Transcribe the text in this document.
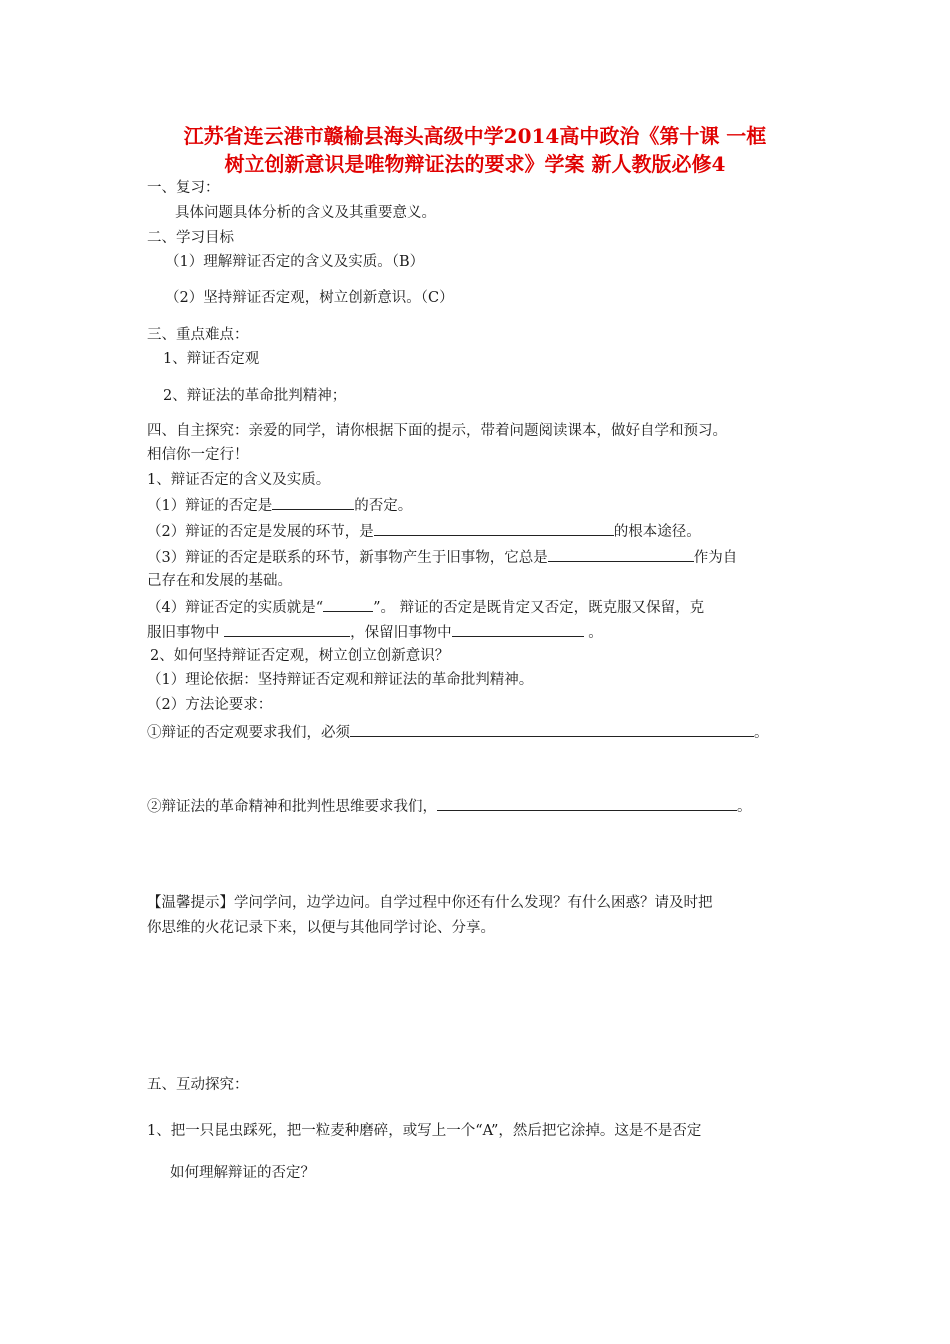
江苏省连云港市赣榆县海头高级中学2014高中政治《第十课 一框
树立创新意识是唯物辩证法的要求》学案 新人教版必修4
一、复习：
具体问题具体分析的含义及其重要意义。
二、学习目标
（1）理解辩证否定的含义及实质。（B）
（2）坚持辩证否定观，树立创新意识。（C）
三、重点难点：
1、辩证否定观
2、辩证法的革命批判精神；
四、自主探究：亲爱的同学，请你根据下面的提示，带着问题阅读课本，做好自学和预习。
相信你一定行！
1、辩证否定的含义及实质。
（1）辩证的否定是	的否定。
（2）辩证的否定是发展的环节，是	的根本途径。
（3）辩证的否定是联系的环节，新事物产生于旧事物，它总是	作为自
己存在和发展的基础。
（4）辩证否定的实质就是“	”。 辩证的否定是既肯定又否定，既克服又保留，克
服旧事物中	，保留旧事物中	。
2、如何坚持辩证否定观，树立创立创新意识？
（1）理论依据：坚持辩证否定观和辩证法的革命批判精神。
（2）方法论要求：
①辩证的否定观要求我们，必须	。
②辩证法的革命精神和批判性思维要求我们，	。
【温馨提示】学问学问，边学边问。自学过程中你还有什么发现？有什么困惑？请及时把
你思维的火花记录下来，以便与其他同学讨论、分享。
五、互动探究：
1、把一只昆虫踩死，把一粒麦种磨碎，或写上一个“A”，然后把它涂掉。这是不是否定
如何理解辩证的否定？
